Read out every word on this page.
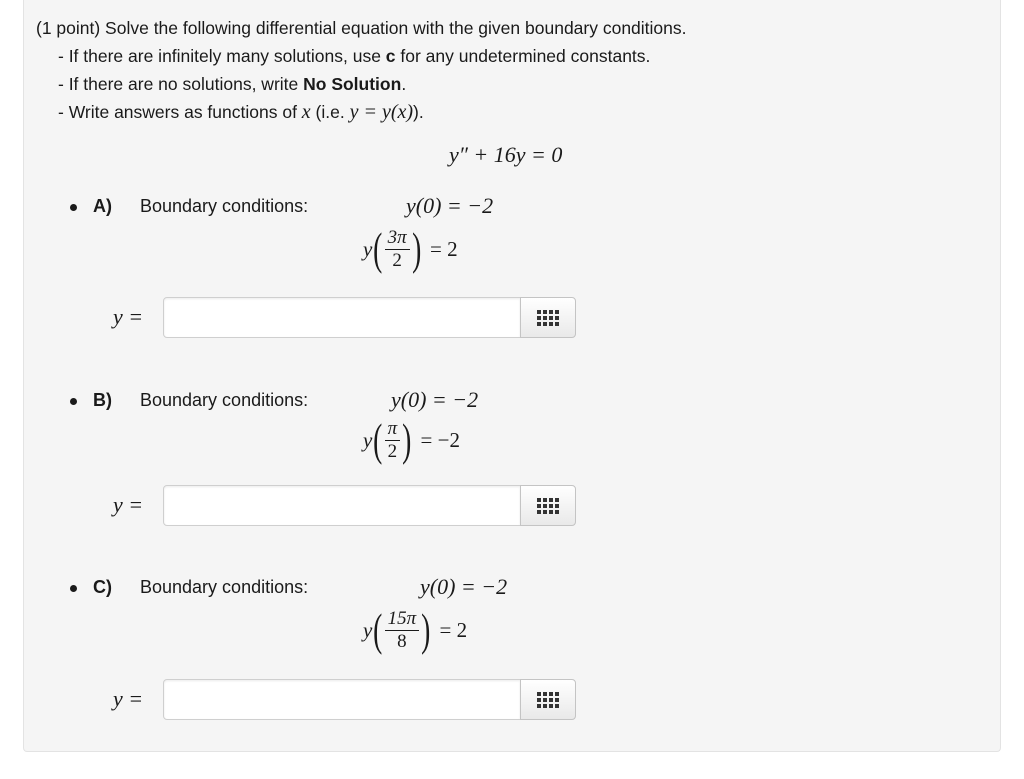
(1 point) Solve the following differential equation with the given boundary conditions.
- If there are infinitely many solutions, use c for any undetermined constants.
- If there are no solutions, write No Solution.
- Write answers as functions of x (i.e. y = y(x)).
y″ + 16y = 0
A) Boundary conditions:	y(0) = −2
y ( $\frac{3\pi}{2}$ ) = 2
y =
B) Boundary conditions:	y(0) = −2
y ( $\frac{\pi}{2}$ ) = −2
y =
C) Boundary conditions:	y(0) = −2
y ( $\frac{15\pi}{8}$ ) = 2
y =
